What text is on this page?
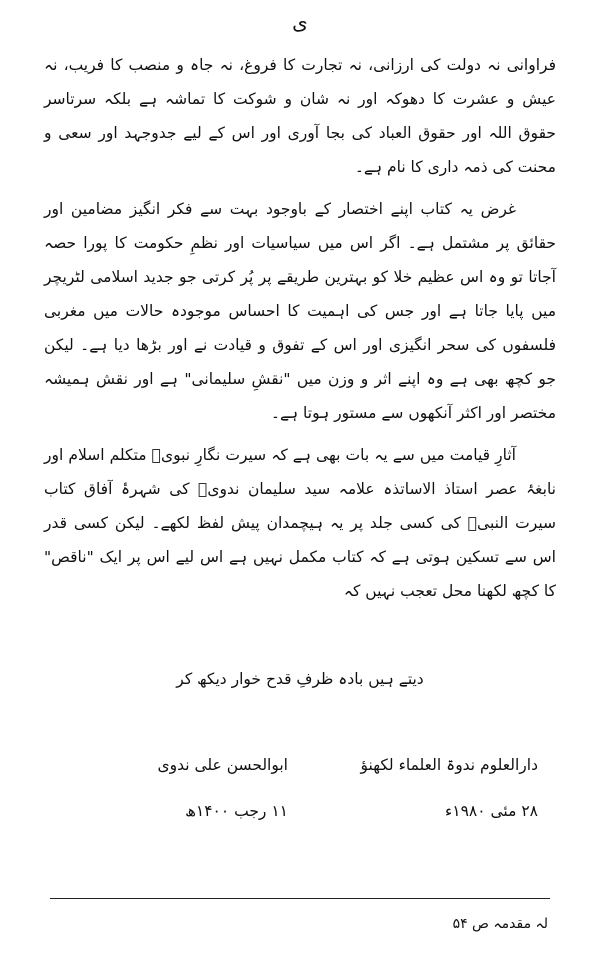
ی

فراوانی نہ دولت کی ارزانی، نہ تجارت کا فروغ، نہ جاہ و منصب کا فریب، نہ عیش و عشرت کا دھوکہ اور نہ شان و شوکت کا تماشہ ہے بلکہ سرتاسر حقوق اللہ اور حقوق العباد کی بجا آوری اور اس کے لیے جدوجہد اور سعی و محنت کی ذمہ داری کا نام ہے۔

غرض یہ کتاب اپنے اختصار کے باوجود بہت سے فکر انگیز مضامین اور حقائق پر مشتمل ہے۔ اگر اس میں سیاسیات اور نظمِ حکومت کا پورا حصہ آجاتا تو وہ اس عظیم خلا کو بہترین طریقے پر پُر کرتی جو جدید اسلامی لٹریچر میں پایا جاتا ہے اور جس کی اہمیت کا احساس موجودہ حالات میں مغربی فلسفوں کی سحر انگیزی اور اس کے تفوق و قیادت نے اور بڑھا دیا ہے۔ لیکن جو کچھ بھی ہے وہ اپنے اثر و وزن میں "نقشِ سلیمانی" ہے اور نقش ہمیشہ مختصر اور اکثر آنکھوں سے مستور ہوتا ہے۔

آثارِ قیامت میں سے یہ بات بھی ہے کہ سیرت نگارِ نبویؐ متکلم اسلام اور نابغۂ عصر استاذ الاساتذہ علامہ سید سلیمان ندویؒ کی شہرۂ آفاق کتاب سیرت النبیؐ کی کسی جلد پر یہ ہیچمدان پیش لفظ لکھے۔ لیکن کسی قدر اس سے تسکین ہوتی ہے کہ کتاب مکمل نہیں ہے اس لیے اس پر ایک "ناقص" کا کچھ لکھنا محل تعجب نہیں کہ

دیتے ہیں بادہ ظرفِ قدح خوار دیکھ کر
ابوالحسن علی ندوی
۱۱ رجب ۱۴۰۰ھ
دارالعلوم ندوۃ العلماء لکھنؤ
۲۸ مئی ۱۹۸۰ء
لہ مقدمہ ص ۵۴
